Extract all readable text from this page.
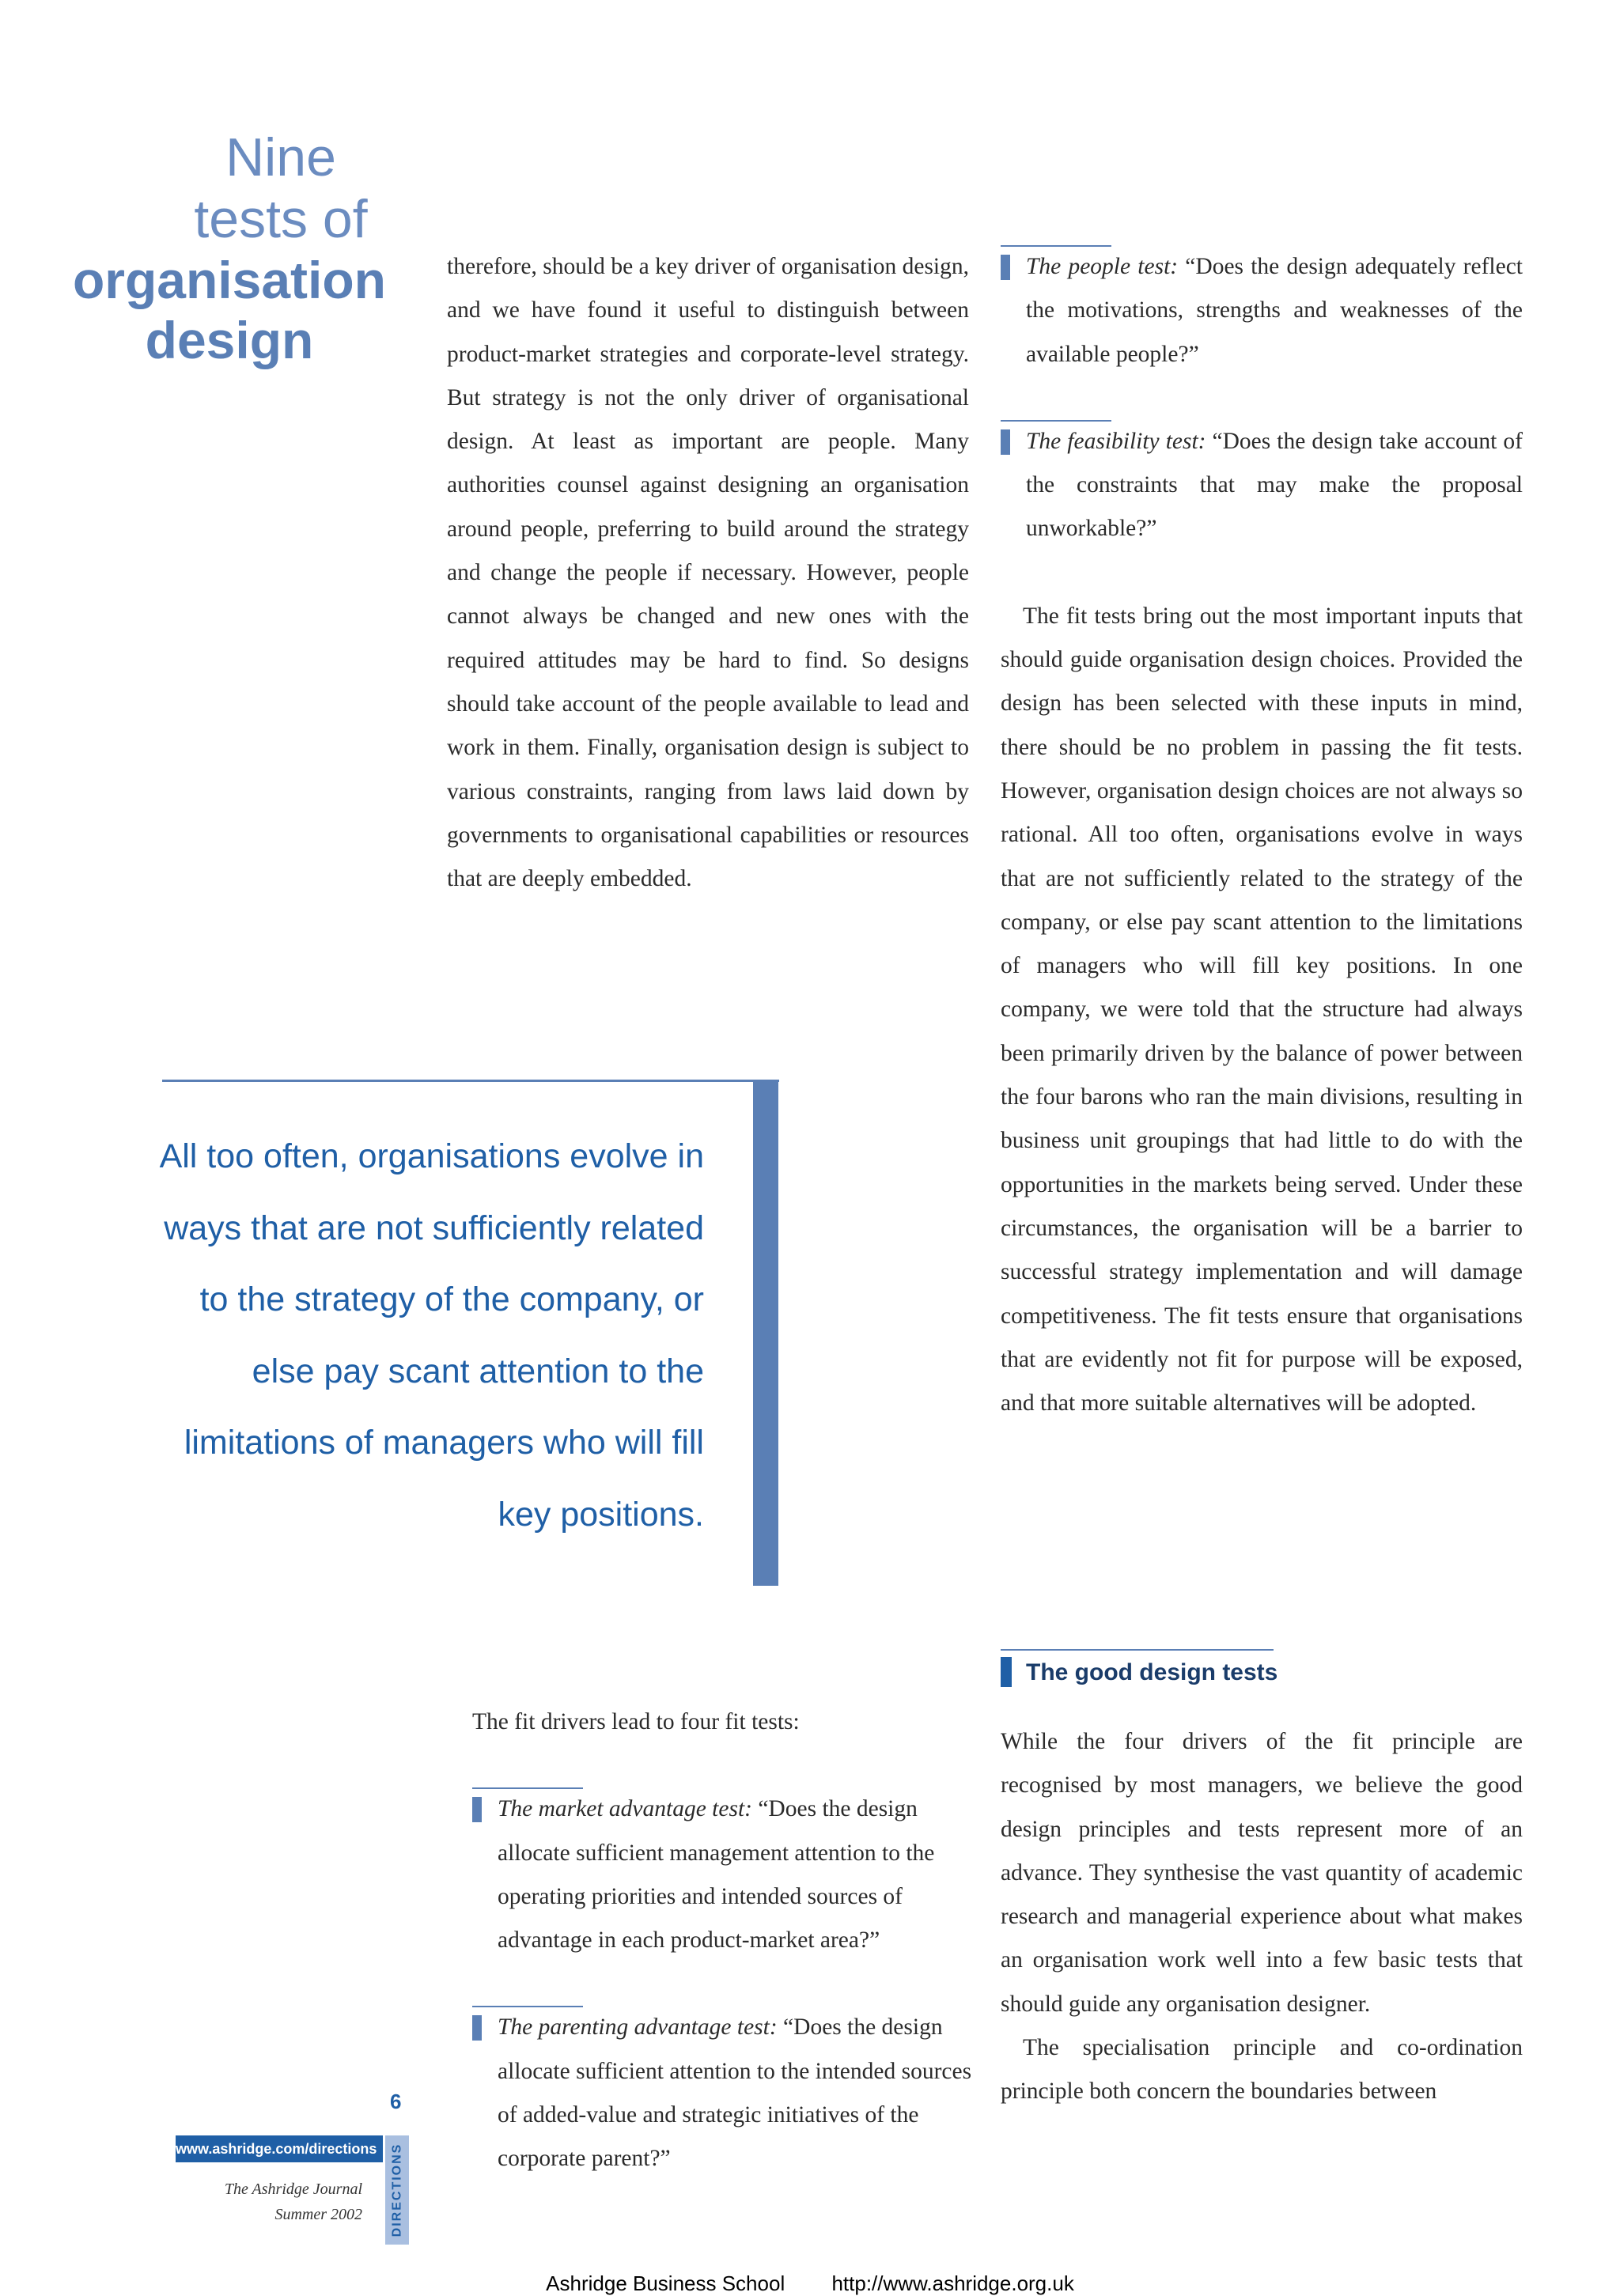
Nine tests of
organisation
design
therefore, should be a key driver of organisation design, and we have found it useful to distinguish between product-market strategies and corporate-level strategy. But strategy is not the only driver of organisational design. At least as important are people. Many authorities counsel against designing an organisation around people, preferring to build around the strategy and change the people if necessary. However, people cannot always be changed and new ones with the required attitudes may be hard to find. So designs should take account of the people available to lead and work in them. Finally, organisation design is subject to various constraints, ranging from laws laid down by governments to organisational capabilities or resources that are deeply embedded.
The people test: “Does the design adequately reflect the motivations, strengths and weaknesses of the available people?”
The feasibility test: “Does the design take account of the constraints that may make the proposal unworkable?”
The fit tests bring out the most important inputs that should guide organisation design choices. Provided the design has been selected with these inputs in mind, there should be no problem in passing the fit tests. However, organisation design choices are not always so rational. All too often, organisations evolve in ways that are not sufficiently related to the strategy of the company, or else pay scant attention to the limitations of managers who will fill key positions. In one company, we were told that the structure had always been primarily driven by the balance of power between the four barons who ran the main divisions, resulting in business unit groupings that had little to do with the opportunities in the markets being served. Under these circumstances, the organisation will be a barrier to successful strategy implementation and will damage competitiveness. The fit tests ensure that organisations that are evidently not fit for purpose will be exposed, and that more suitable alternatives will be adopted.
All too often, organisations evolve in ways that are not sufficiently related to the strategy of the company, or else pay scant attention to the limitations of managers who will fill key positions.
The fit drivers lead to four fit tests:
The market advantage test: “Does the design allocate sufficient management attention to the operating priorities and intended sources of advantage in each product-market area?”
The parenting advantage test: “Does the design allocate sufficient attention to the intended sources of added-value and strategic initiatives of the corporate parent?”
The good design tests
While the four drivers of the fit principle are recognised by most managers, we believe the good design principles and tests represent more of an advance. They synthesise the vast quantity of academic research and managerial experience about what makes an organisation work well into a few basic tests that should guide any organisation designer.
The specialisation principle and co-ordination principle both concern the boundaries between
6
www.ashridge.com/directions
The Ashridge Journal
Summer 2002 DIRECTIONS
Ashridge Business School http://www.ashridge.org.uk
